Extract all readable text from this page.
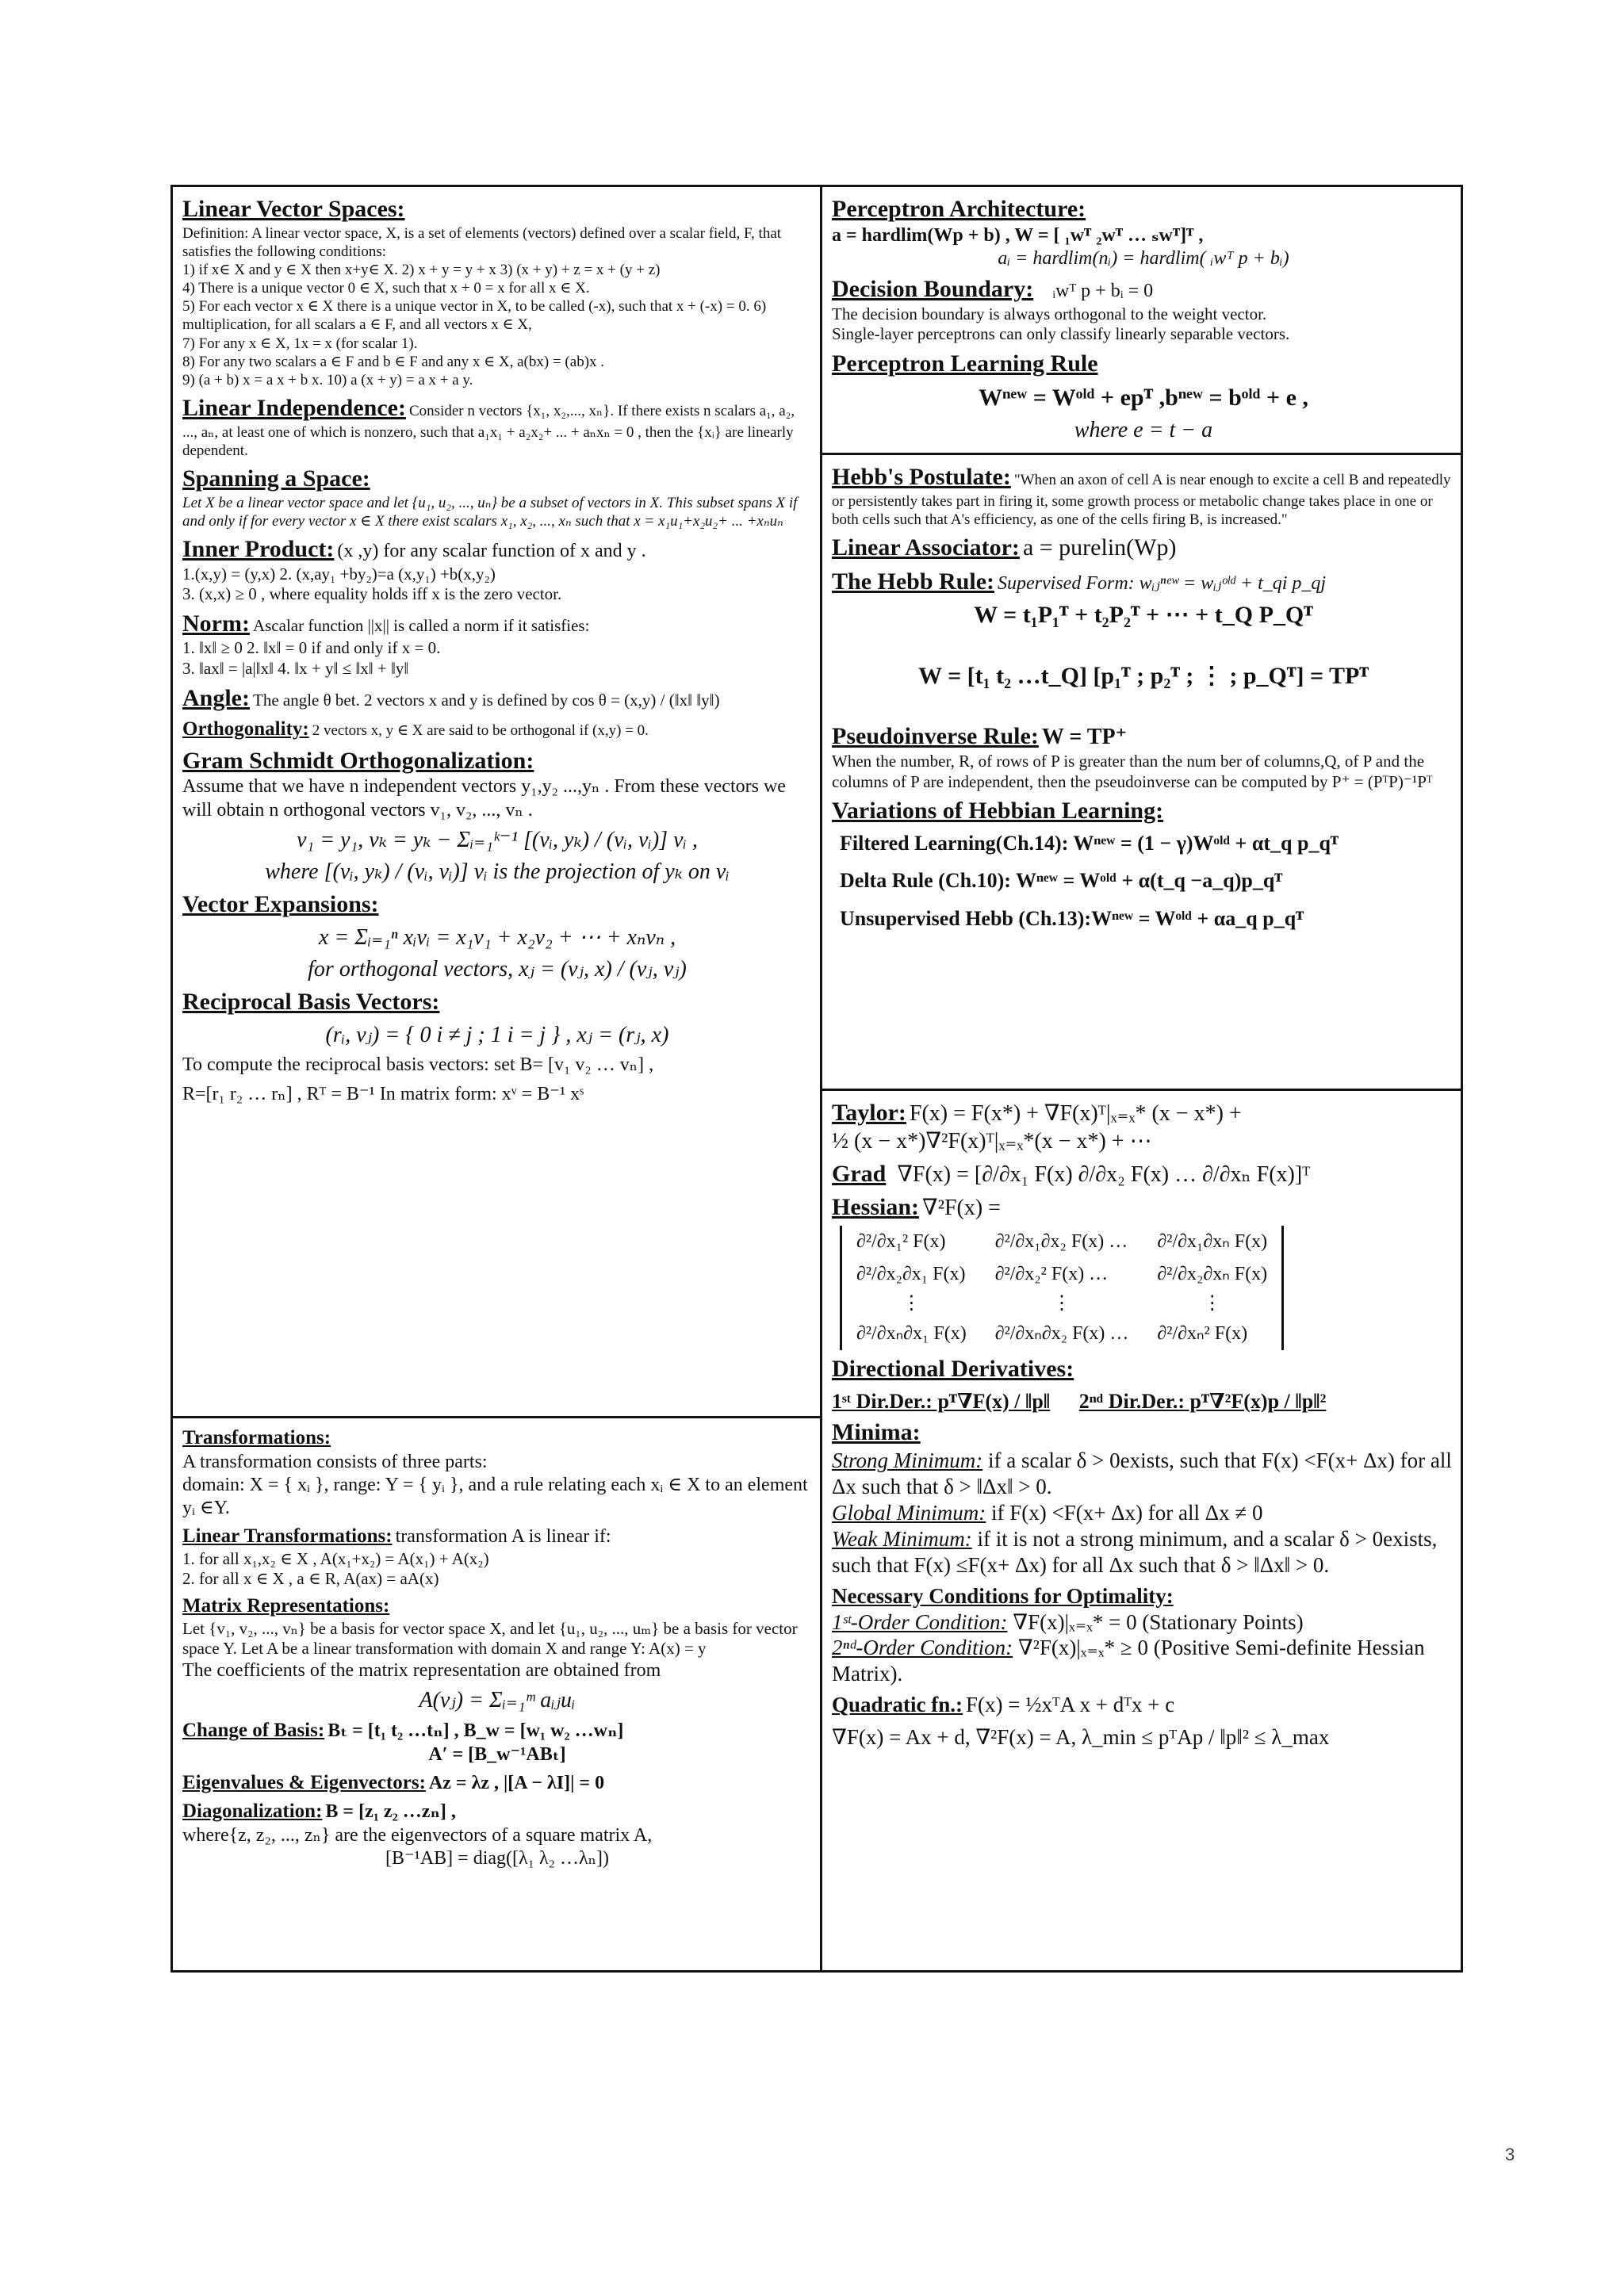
Linear Vector Spaces:
Definition: A linear vector space, X, is a set of elements (vectors) defined over a scalar field, F, that satisfies the following conditions:
1) if x∈ X and y ∈ X then x+y∈ X. 2) x + y = y + x 3) (x + y) + z = x + (y + z)
4) There is a unique vector 0 ∈ X, such that x + 0 = x for all x ∈ X.
5) For each vector x ∈ X there is a unique vector in X, to be called (-x), such that x + (-x) = 0. 6) multiplication, for all scalars a ∈ F, and all vectors x ∈ X,
7) For any x ∈ X, 1x = x (for scalar 1).
8) For any two scalars a ∈ F and b ∈ F and any x ∈ X, a(bx) = (ab)x .
9) (a + b) x = a x + b x. 10) a (x + y) = a x + a y.
Linear Independence: Consider n vectors {x₁, x₂,..., xₙ}. If there exists n scalars a₁, a₂, ..., aₙ, at least one of which is nonzero, such that a₁x₁ + a₂x₂+ ... + aₙxₙ = 0 , then the {xᵢ} are linearly dependent.
Spanning a Space:
Let X be a linear vector space and let {u₁, u₂, ..., uₙ} be a subset of vectors in X. This subset spans X if and only if for every vector x ∈ X there exist scalars x₁, x₂, ..., xₙ such that x = x₁u₁+x₂u₂+ ... +xₙuₙ
Inner Product: (x ,y) for any scalar function of x and y .
1.(x,y) = (y,x) 2. (x,ay₁ +by₂)=a (x,y₁) +b(x,y₂)
3. (x,x) ≥ 0 , where equality holds iff x is the zero vector.
Norm: Ascalar function ||x|| is called a norm if it satisfies:
1. ‖x‖ ≥ 0 2. ‖x‖ = 0 if and only if x = 0.
3. ‖ax‖ = |a|‖x‖ 4. ‖x + y‖ ≤ ‖x‖ + ‖y‖
Angle: The angle θ bet. 2 vectors x and y is defined by cos θ = (x,y) / (‖x‖ ‖y‖)
Orthogonality: 2 vectors x, y ∈ X are said to be orthogonal if (x,y) = 0.
Gram Schmidt Orthogonalization:
Assume that we have n independent vectors y₁,y₂ ...,yₙ . From these vectors we will obtain n orthogonal vectors v₁, v₂, ..., vₙ .
v₁ = y₁, vₖ = yₖ − Σᵢ₌₁ᵏ⁻¹ [(vᵢ, yₖ) / (vᵢ, vᵢ)] vᵢ ,
where [(vᵢ, yₖ) / (vᵢ, vᵢ)] vᵢ is the projection of yₖ on vᵢ
Vector Expansions:
x = Σᵢ₌₁ⁿ xᵢvᵢ = x₁v₁ + x₂v₂ + ⋯ + xₙvₙ ,
for orthogonal vectors, xⱼ = (vⱼ, x) / (vⱼ, vⱼ)
Reciprocal Basis Vectors:
(rᵢ, vⱼ) = { 0 i ≠ j ; 1 i = j } , xⱼ = (rⱼ, x)
To compute the reciprocal basis vectors: set B= [v₁ v₂ … vₙ] ,
R=[r₁ r₂ … rₙ] , Rᵀ = B⁻¹ In matrix form: xᵛ = B⁻¹ xˢ
Transformations:
A transformation consists of three parts:
domain: X = { xᵢ }, range: Y = { yᵢ }, and a rule relating each xᵢ ∈ X to an element yᵢ ∈Y.
Linear Transformations: transformation A is linear if:
1. for all x₁,x₂ ∈ X , A(x₁+x₂) = A(x₁) + A(x₂)
2. for all x ∈ X , a ∈ R, A(ax) = aA(x)
Matrix Representations:
Let {v₁, v₂, ..., vₙ} be a basis for vector space X, and let {u₁, u₂, ..., uₘ} be a basis for vector space Y. Let A be a linear transformation with domain X and range Y: A(x) = y
The coefficients of the matrix representation are obtained from
A(vⱼ) = Σᵢ₌₁ᵐ aᵢⱼuᵢ
Change of Basis: Bₜ = [t₁ t₂ …tₙ] , B_w = [w₁ w₂ …wₙ]
A′ = [B_w⁻¹ABₜ]
Eigenvalues & Eigenvectors: Az = λz , |[A − λI]| = 0
Diagonalization: B = [z₁ z₂ …zₙ] ,
where{z, z₂, ..., zₙ} are the eigenvectors of a square matrix A,
[B⁻¹AB] = diag([λ₁ λ₂ …λₙ])
Perceptron Architecture:
a = hardlim(Wp + b) , W = [ ₁wᵀ ₂wᵀ … ₛwᵀ]ᵀ ,
aᵢ = hardlim(nᵢ) = hardlim( ᵢwᵀ p + bᵢ)
Decision Boundary: ᵢwᵀ p + bᵢ = 0
The decision boundary is always orthogonal to the weight vector.
Single-layer perceptrons can only classify linearly separable vectors.
Perceptron Learning Rule
Wⁿᵉʷ = Wᵒˡᵈ + epᵀ ,bⁿᵉʷ = bᵒˡᵈ + e ,
where e = t − a
Hebb's Postulate: "When an axon of cell A is near enough to excite a cell B and repeatedly or persistently takes part in firing it, some growth process or metabolic change takes place in one or both cells such that A's efficiency, as one of the cells firing B, is increased."
Linear Associator: a = purelin(Wp)
The Hebb Rule: Supervised Form: wᵢⱼⁿᵉʷ = wᵢⱼᵒˡᵈ + t_qi p_qj
W = t₁P₁ᵀ + t₂P₂ᵀ + ⋯ + t_Q P_Qᵀ
W = [t₁ t₂ …t_Q] [p₁ᵀ ; p₂ᵀ ; ⋮ ; p_Qᵀ] = TPᵀ
Pseudoinverse Rule: W = TP⁺
When the number, R, of rows of P is greater than the num ber of columns,Q, of P and the columns of P are independent, then the pseudoinverse can be computed by P⁺ = (PᵀP)⁻¹Pᵀ
Variations of Hebbian Learning:
Filtered Learning(Ch.14): Wⁿᵉʷ = (1 − γ)Wᵒˡᵈ + αt_q p_qᵀ
Delta Rule (Ch.10): Wⁿᵉʷ = Wᵒˡᵈ + α(t_q −a_q)p_qᵀ
Unsupervised Hebb (Ch.13):Wⁿᵉʷ = Wᵒˡᵈ + αa_q p_qᵀ
Taylor: F(x) = F(x*) + ∇F(x)ᵀ|ₓ₌ₓ* (x − x*) +
½ (x − x*)∇²F(x)ᵀ|ₓ₌ₓ*(x − x*) + ⋯
Grad ∇F(x) = [∂/∂x₁ F(x) ∂/∂x₂ F(x) … ∂/∂xₙ F(x)]ᵀ
Hessian: ∇²F(x) =
∂²/∂x₁² F(x)	∂²/∂x₁∂x₂ F(x) …	∂²/∂x₁∂xₙ F(x)
∂²/∂x₂∂x₁ F(x)	∂²/∂x₂² F(x) …	∂²/∂x₂∂xₙ F(x)
⋮	⋮	⋮
∂²/∂xₙ∂x₁ F(x)	∂²/∂xₙ∂x₂ F(x) …	∂²/∂xₙ² F(x)
Directional Derivatives:
1ˢᵗ Dir.Der.: pᵀ∇F(x) / ‖p‖ 2ⁿᵈ Dir.Der.: pᵀ∇²F(x)p / ‖p‖²
Minima:
Strong Minimum: if a scalar δ > 0exists, such that F(x) <F(x+ Δx) for all Δx such that δ > ‖Δx‖ > 0.
Global Minimum: if F(x) <F(x+ Δx) for all Δx ≠ 0
Weak Minimum: if it is not a strong minimum, and a scalar δ > 0exists, such that F(x) ≤F(x+ Δx) for all Δx such that δ > ‖Δx‖ > 0.
Necessary Conditions for Optimality:
1ˢᵗ-Order Condition: ∇F(x)|ₓ₌ₓ* = 0 (Stationary Points)
2ⁿᵈ-Order Condition: ∇²F(x)|ₓ₌ₓ* ≥ 0 (Positive Semi-definite Hessian Matrix).
Quadratic fn.: F(x) = ½xᵀA x + dᵀx + c
∇F(x) = Ax + d, ∇²F(x) = A, λ_min ≤ pᵀAp / ‖p‖² ≤ λ_max
3
